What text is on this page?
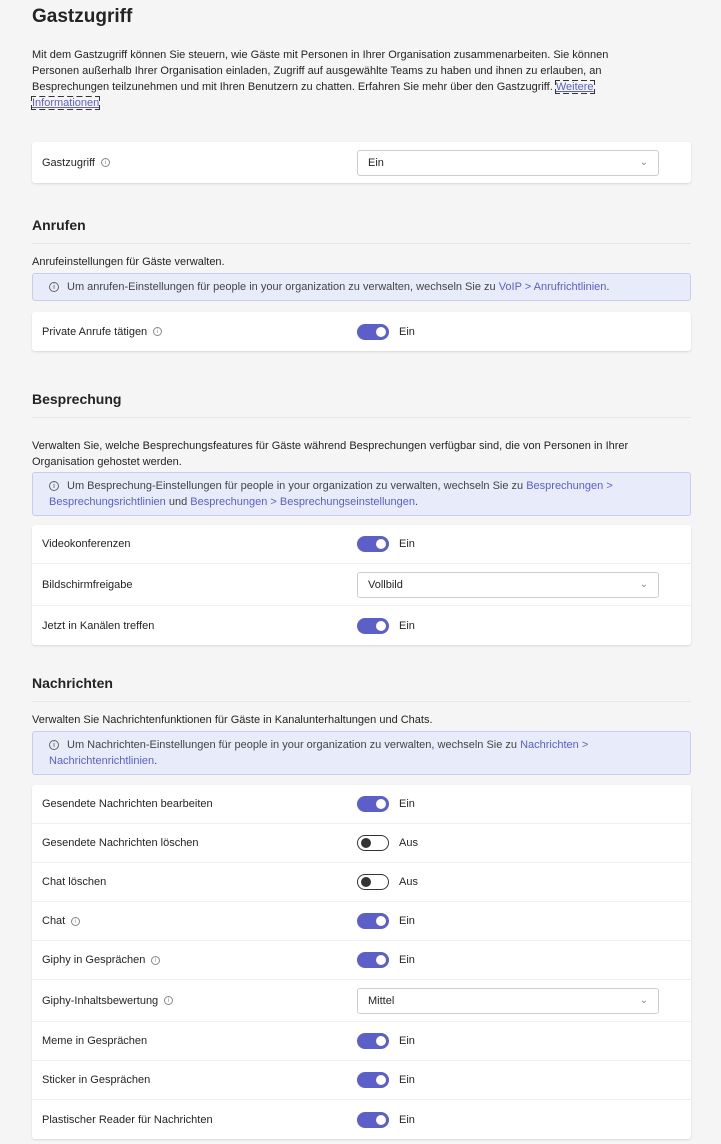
Gastzugriff

Mit dem Gastzugriff können Sie steuern, wie Gäste mit Personen in Ihrer Organisation zusammenarbeiten. Sie können Personen außerhalb Ihrer Organisation einladen, Zugriff auf ausgewählte Teams zu haben und ihnen zu erlauben, an Besprechungen teilzunehmen und mit Ihren Benutzern zu chatten. Erfahren Sie mehr über den Gastzugriff. Weitere Informationen

Gastzugriff i	Ein	⌄
Anrufen

Anrufeinstellungen für Gäste verwalten.

i Um anrufen-Einstellungen für people in your organization zu verwalten, wechseln Sie zu VoIP > Anrufrichtlinien.
Private Anrufe tätigen i	Ein
Besprechung

Verwalten Sie, welche Besprechungsfeatures für Gäste während Besprechungen verfügbar sind, die von Personen in Ihrer Organisation gehostet werden.

i Um Besprechung-Einstellungen für people in your organization zu verwalten, wechseln Sie zu Besprechungen > Besprechungsrichtlinien und Besprechungen > Besprechungseinstellungen.
Videokonferenzen	Ein
Bildschirmfreigabe	Vollbild	⌄
Jetzt in Kanälen treffen	Ein
Nachrichten

Verwalten Sie Nachrichtenfunktionen für Gäste in Kanalunterhaltungen und Chats.

i Um Nachrichten-Einstellungen für people in your organization zu verwalten, wechseln Sie zu Nachrichten > Nachrichtenrichtlinien.
Gesendete Nachrichten bearbeiten	Ein
Gesendete Nachrichten löschen	Aus
Chat löschen	Aus
Chat i	Ein
Giphy in Gesprächen i	Ein
Giphy-Inhaltsbewertung i	Mittel	⌄
Meme in Gesprächen	Ein
Sticker in Gesprächen	Ein
Plastischer Reader für Nachrichten	Ein
